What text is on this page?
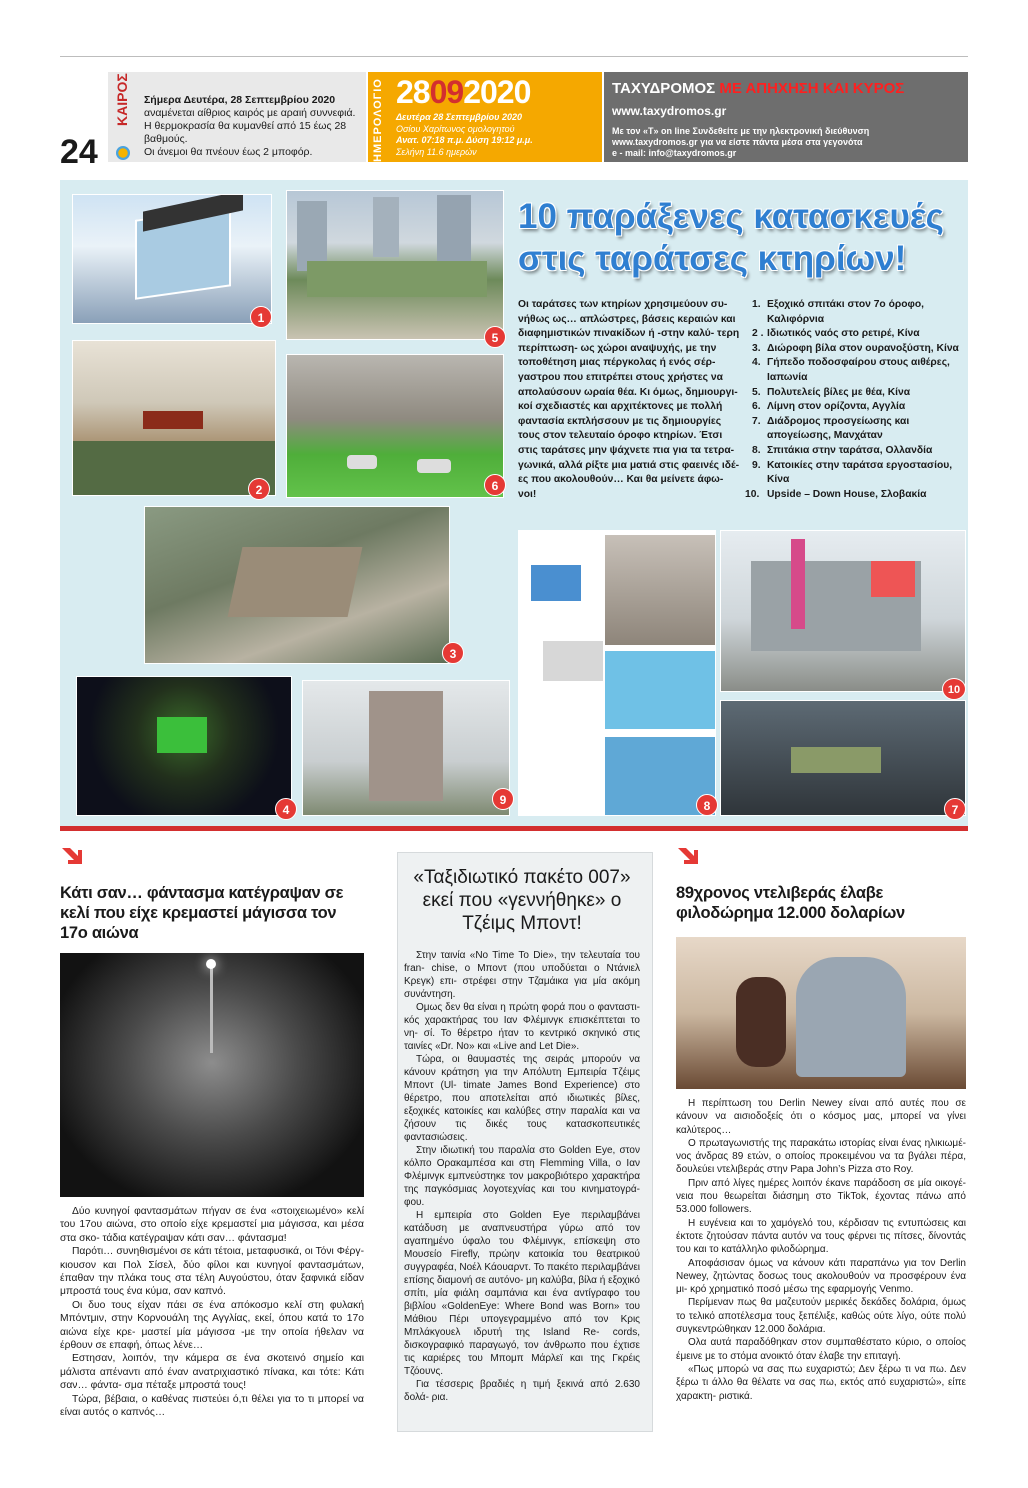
24

Σήμερα Δευτέρα, 28 Σεπτεμβρίου 2020

αναμένεται αίθριος καιρός με αραιή συννεφιά.

Η θερμοκρασία θα κυμανθεί από 15 έως 28 βαθμούς.

Οι άνεμοι θα πνέουν έως 2 μποφόρ.

ΚΑΙΡΟΣ	ΗΜΕΡΟΛΟΓΙΟ 28092020
Δευτέρα 28 Σεπτεμβρίου 2020
Οσίου Χαρίτωνος ομολογητού
Ανατ. 07:18 π.μ. Δύση 19:12 μ.μ.
Σελήνη 11.6 ημερών
ΤΑΧΥΔΡΟΜΟΣ ΜΕ ΑΠΗΧΗΣΗ ΚΑΙ ΚΥΡΟΣ
www.taxydromos.gr
Με τον «Τ» on line Συνδεθείτε με την ηλεκτρονική διεύθυνση
www.taxydromos.gr για να είστε πάντα μέσα στα γεγονότα
e - mail: info@taxydromos.gr
1
2
3
4
5
6
7
8
9
10
10 παράξενες κατασκευές
στις ταράτσες κτηρίων!
Οι ταράτσες των κτηρίων χρησιμεύουν συ- νήθως ως… απλώστρες, βάσεις κεραιών και διαφημιστικών πινακίδων ή -στην καλύ- τερη περίπτωση- ως χώροι αναψυχής, με την τοποθέτηση μιας πέργκολας ή ενός σέρ- γαστρου που επιτρέπει στους χρήστες να απολαύσουν ωραία θέα. Κι όμως, δημιουργι- κοί σχεδιαστές και αρχιτέκτονες με πολλή φαντασία εκπλήσσουν με τις δημιουργίες τους στον τελευταίο όροφο κτηρίων. Έτσι στις ταράτσες μην ψάχνετε πια για τα τετρα- γωνικά, αλλά ρίξτε μια ματιά στις φαεινές ιδέ- ες που ακολουθούν… Και θα μείνετε άφω- νοι!
1. Εξοχικό σπιτάκι στον 7ο όροφο, Καλιφόρνια
2 . Ιδιωτικός ναός στο ρετιρέ, Κίνα
3. Διώροφη βίλα στον ουρανοξύστη, Κίνα
4. Γήπεδο ποδοσφαίρου στους αιθέρες, Ιαπωνία
5. Πολυτελείς βίλες με θέα, Κίνα
6. Λίμνη στον ορίζοντα, Αγγλία
7. Διάδρομος προσγείωσης και απογείωσης, Μανχάταν
8. Σπιτάκια στην ταράτσα, Ολλανδία
9. Κατοικίες στην ταράτσα εργοστασίου, Κίνα
10. Upside – Down House, Σλοβακία
Κάτι σαν… φάντασμα κατέγραψαν σε κελί που είχε κρεμαστεί μάγισσα τον 17ο αιώνα

Δύο κυνηγοί φαντασμάτων πήγαν σε ένα «στοιχειωμένο» κελί του 17ου αιώνα, στο οποίο είχε κρεμαστεί μια μάγισσα, και μέσα στα σκο- τάδια κατέγραψαν κάτι σαν… φάντασμα!

Παρότι… συνηθισμένοι σε κάτι τέτοια, μεταφυσικά, οι Τόνι Φέργ- κιουσον και Πολ Σίσελ, δύο φίλοι και κυνηγοί φαντασμάτων, έπαθαν την πλάκα τους στα τέλη Αυγούστου, όταν ξαφνικά είδαν μπροστά τους ένα κύμα, σαν καπνό.

Οι δυο τους είχαν πάει σε ένα απόκοσμο κελί στη φυλακή Μπόντμιν, στην Κορνουάλη της Αγγλίας, εκεί, όπου κατά το 17ο αιώνα είχε κρε- μαστεί μία μάγισσα -με την οποία ήθελαν να έρθουν σε επαφή, όπως λένε…

Εστησαν, λοιπόν, την κάμερα σε ένα σκοτεινό σημείο και μάλιστα απέναντι από έναν ανατριχιαστικό πίνακα, και τότε: Κάτι σαν… φάντα- σμα πέταξε μπροστά τους!

Τώρα, βέβαια, ο καθένας πιστεύει ό,τι θέλει για το τι μπορεί να είναι αυτός ο καπνός…

«Ταξιδιωτικό πακέτο 007» εκεί που «γεννήθηκε» ο Τζέιμς Μποντ!

Στην ταινία «No Time To Die», την τελευταία του fran- chise, ο Μποντ (που υποδύεται ο Ντάνιελ Κρεγκ) επι- στρέφει στην Τζαμάικα για μία ακόμη συνάντηση.

Ομως δεν θα είναι η πρώτη φορά που ο φανταστι- κός χαρακτήρας του Ιαν Φλέμινγκ επισκέπτεται το νη- σί. Το θέρετρο ήταν το κεντρικό σκηνικό στις ταινίες «Dr. No» και «Live and Let Die».

Τώρα, οι θαυμαστές της σειράς μπορούν να κάνουν κράτηση για την Απόλυτη Εμπειρία Τζέιμς Μποντ (Ul- timate James Bond Experience) στο θέρετρο, που αποτελείται από ιδιωτικές βίλες, εξοχικές κατοικίες και καλύβες στην παραλία και να ζήσουν τις δικές τους κατασκοπευτικές φαντασιώσεις.

Στην ιδιωτική του παραλία στο Golden Eye, στον κόλπο Ορακαμπέσα και στη Flemming Villa, ο Ιαν Φλέμινγκ εμπνεύστηκε τον μακροβιότερο χαρακτήρα της παγκόσμιας λογοτεχνίας και του κινηματογρά- φου.

Η εμπειρία στο Golden Eye περιλαμβάνει κατάδυση με αναπνευστήρα γύρω από τον αγαπημένο ύφαλο του Φλέμινγκ, επίσκεψη στο Μουσείο Firefly, πρώην κατοικία του θεατρικού συγγραφέα, Νοέλ Κάουαρντ. Το πακέτο περιλαμβάνει επίσης διαμονή σε αυτόνο- μη καλύβα, βίλα ή εξοχικό σπίτι, μία φιάλη σαμπάνια και ένα αντίγραφο του βιβλίου «GoldenEye: Where Bond was Born» του Μάθιου Πέρι υπογεγραμμένο από τον Κρις Μπλάκγουελ ιδρυτή της Island Re- cords, δισκογραφικό παραγωγό, τον άνθρωπο που έχτισε τις καριέρες του Μπομπ Μάρλεϊ και της Γκρέις Τζόουνς.

Για τέσσερις βραδιές η τιμή ξεκινά από 2.630 δολά- ρια.

89χρονος ντελιβεράς έλαβε φιλοδώρημα 12.000 δολαρίων

Η περίπτωση του Derlin Newey είναι από αυτές που σε κάνουν να αισιοδοξείς ότι ο κόσμος μας, μπορεί να γίνει καλύτερος…

Ο πρωταγωνιστής της παρακάτω ιστορίας είναι ένας ηλικιωμέ- νος άνδρας 89 ετών, ο οποίος προκειμένου να τα βγάλει πέρα, δουλεύει ντελιβεράς στην Papa John’s Pizza στο Roy.

Πριν από λίγες ημέρες λοιπόν έκανε παράδοση σε μία οικογέ- νεια που θεωρείται διάσημη στο TikTok, έχοντας πάνω από 53.000 followers.

Η ευγένεια και το χαμόγελό του, κέρδισαν τις εντυπώσεις και έκτοτε ζητούσαν πάντα αυτόν να τους φέρνει τις πίτσες, δίνοντάς του και το κατάλληλο φιλοδώρημα.

Αποφάσισαν όμως να κάνουν κάτι παραπάνω για τον Derlin Newey, ζητώντας δοσως τους ακολουθούν να προσφέρουν ένα μι- κρό χρηματικό ποσό μέσω της εφαρμογής Venmo.

Περίμεναν πως θα μαζευτούν μερικές δεκάδες δολάρια, όμως το τελικό αποτέλεσμα τους ξεπέλιξε, καθώς ούτε λίγο, ούτε πολύ συγκεντρώθηκαν 12.000 δολάρια.

Ολα αυτά παραδόθηκαν στον συμπαθέστατο κύριο, ο οποίος έμεινε με το στόμα ανοικτό όταν έλαβε την επιταγή.

«Πως μπορώ να σας πω ευχαριστώ; Δεν ξέρω τι να πω. Δεν ξέρω τι άλλο θα θέλατε να σας πω, εκτός από ευχαριστώ», είπε χαρακτη- ριστικά.
